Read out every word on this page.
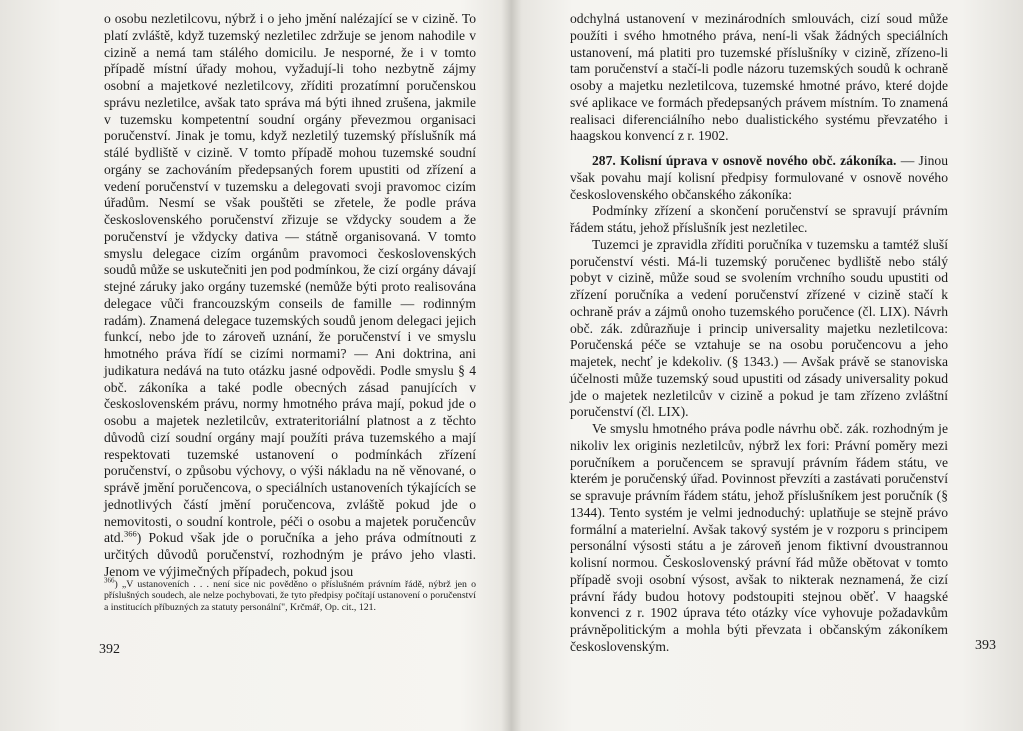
o osobu nezletilcovu, nýbrž i o jeho jmění nalézající se v cizině. To platí zvláště, když tuzemský nezletilec zdržuje se jenom nahodile v cizině a nemá tam stálého domicilu. Je nesporné, že i v tomto případě místní úřady mohou, vyžadují-li toho nezbytně zájmy osobní a majetkové nezletilcovy, zříditi prozatímní poručenskou správu nezletilce, avšak tato správa má býti ihned zrušena, jakmile v tuzemsku kompetentní soudní orgány převezmou organisaci poručenství. Jinak je tomu, když nezletilý tuzemský příslušník má stálé bydliště v cizině. V tomto případě mohou tuzemské soudní orgány se zachováním předepsaných forem upustiti od zřízení a vedení poručenství v tuzemsku a delegovati svoji pravomoc cizím úřadům. Nesmí se však pouštěti se zřetele, že podle práva československého poručenství zřizuje se vždycky soudem a že poručenství je vždycky dativa — státně organisovaná. V tomto smyslu delegace cizím orgánům pravomoci československých soudů může se uskutečniti jen pod podmínkou, že cizí orgány dávají stejné záruky jako orgány tuzemské (nemůže býti proto realisována delegace vůči francouzským conseils de famille — rodinným radám). Znamená delegace tuzemských soudů jenom delegaci jejich funkcí, nebo jde to zároveň uznání, že poručenství i ve smyslu hmotného práva řídí se cizími normami? — Ani doktrina, ani judikatura nedává na tuto otázku jasné odpovědi. Podle smyslu § 4 obč. zákoníka a také podle obecných zásad panujících v československém právu, normy hmotného práva mají, pokud jde o osobu a majetek nezletilcův, extrateritoriální platnost a z těchto důvodů cizí soudní orgány mají použíti práva tuzemského a mají respektovati tuzemské ustanovení o podmínkách zřízení poručenství, o způsobu výchovy, o výši nákladu na ně věnované, o správě jmění poručencova, o speciálních ustanoveních týkajících se jednotlivých částí jmění poručencova, zvláště pokud jde o nemovitosti, o soudní kontrole, péči o osobu a majetek poručencův atd.$^{366}$) Pokud však jde o poručníka a jeho práva odmítnouti z určitých důvodů poručenství, rozhodným je právo jeho vlasti. Jenom ve výjimečných případech, pokud jsou

$^{366}$) „V ustanoveních . . . není sice nic pověděno o příslušném právním řádě, nýbrž jen o příslušných soudech, ale nelze pochybovati, že tyto předpisy počítají ustanovení o poručenství a institucích příbuzných za statuty personální", Krčmář, Op. cit., 121.
392

odchylná ustanovení v mezinárodních smlouvách, cizí soud může použíti i svého hmotného práva, není-li však žádných speciálních ustanovení, má platiti pro tuzemské příslušníky v cizině, zřízeno-li tam poručenství a stačí-li podle názoru tuzemských soudů k ochraně osoby a majetku nezletilcova, tuzemské hmotné právo, které dojde své aplikace ve formách předepsaných právem místním. To znamená realisaci diferenciálního nebo dualistického systému převzatého i haagskou konvencí z r. 1902.

287. Kolisní úprava v osnově nového obč. zákoníka. — Jinou však povahu mají kolisní předpisy formulované v osnově nového československého občanského zákoníka:

Podmínky zřízení a skončení poručenství se spravují právním řádem státu, jehož příslušník jest nezletilec.

Tuzemci je zpravidla zříditi poručníka v tuzemsku a tamtéž sluší poručenství vésti. Má-li tuzemský poručenec bydliště nebo stálý pobyt v cizině, může soud se svolením vrchního soudu upustiti od zřízení poručníka a vedení poručenství zřízené v cizině stačí k ochraně práv a zájmů onoho tuzemského poručence (čl. LIX). Návrh obč. zák. zdůrazňuje i princip universality majetku nezletilcova: Poručenská péče se vztahuje se na osobu poručencovu a jeho majetek, nechť je kdekoliv. (§ 1343.) — Avšak právě se stanoviska účelnosti může tuzemský soud upustiti od zásady universality pokud jde o majetek nezletilcův v cizině a pokud je tam zřízeno zvláštní poručenství (čl. LIX).

Ve smyslu hmotného práva podle návrhu obč. zák. rozhodným je nikoliv lex originis nezletilcův, nýbrž lex fori: Právní poměry mezi poručníkem a poručencem se spravují právním řádem státu, ve kterém je poručenský úřad. Povinnost převzíti a zastávati poručenství se spravuje právním řádem státu, jehož příslušníkem jest poručník (§ 1344). Tento systém je velmi jednoduchý: uplatňuje se stejně právo formální a materielní. Avšak takový systém je v rozporu s principem personální výsosti státu a je zároveň jenom fiktivní dvoustrannou kolisní normou. Československý právní řád může obětovat v tomto případě svoji osobní výsost, avšak to nikterak neznamená, že cizí právní řády budou hotovy podstoupiti stejnou oběť. V haagské konvenci z r. 1902 úprava této otázky více vyhovuje požadavkům právněpolitickým a mohla býti převzata i občanským zákoníkem československým.	393
